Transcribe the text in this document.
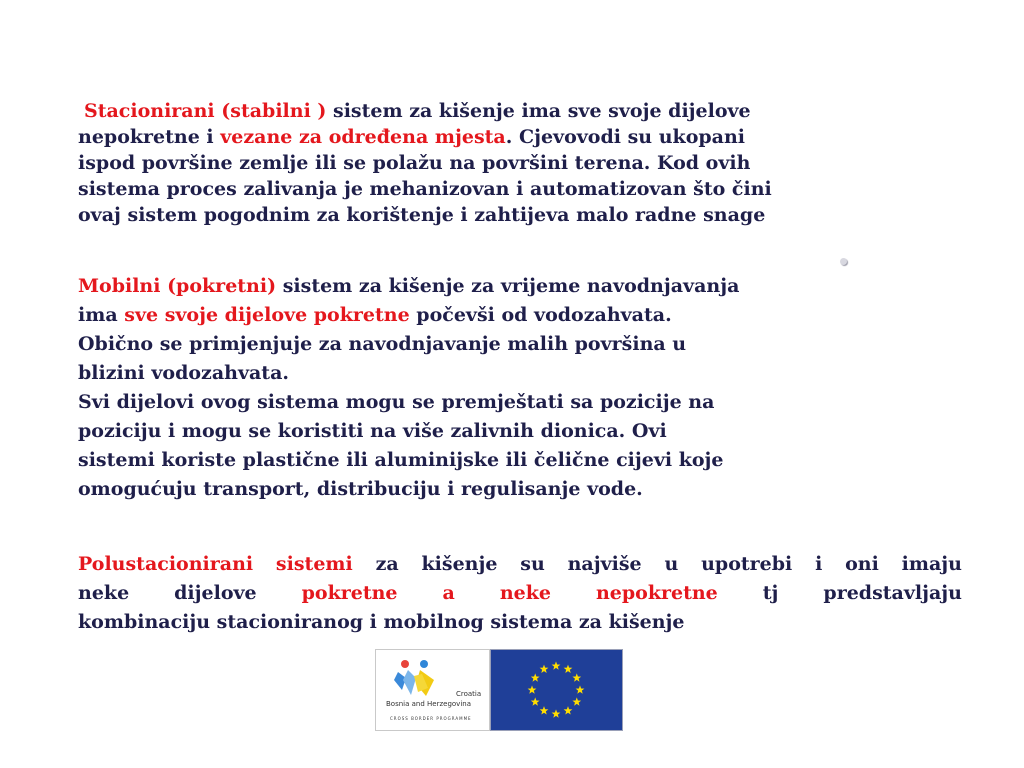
Stacionirani (stabilni ) sistem za kišenje ima sve svoje dijelove
nepokretne i vezane za određena mjesta. Cjevovodi su ukopani
ispod površine zemlje ili se polažu na površini terena. Kod ovih
sistema proces zalivanja je mehanizovan i automatizovan što čini
ovaj sistem pogodnim za korištenje i zahtijeva malo radne snage
Mobilni (pokretni) sistem za kišenje za vrijeme navodnjavanja
ima sve svoje dijelove pokretne počevši od vodozahvata.
Obično se primjenjuje za navodnjavanje malih površina u
blizini vodozahvata.
Svi dijelovi ovog sistema mogu se premještati sa pozicije na
poziciju i mogu se koristiti na više zalivnih dionica. Ovi
sistemi koriste plastične ili aluminijske ili čelične cijevi koje
omogućuju transport, distribuciju i regulisanje vode.
Polustacionirani sistemi za kišenje su najviše u upotrebi i oni imaju
neke dijelove pokretne a neke nepokretne tj predstavljaju
kombinaciju stacioniranog i mobilnog sistema za kišenje
Croatia
Bosnia and Herzegovina
CROSS BORDER PROGRAMME
